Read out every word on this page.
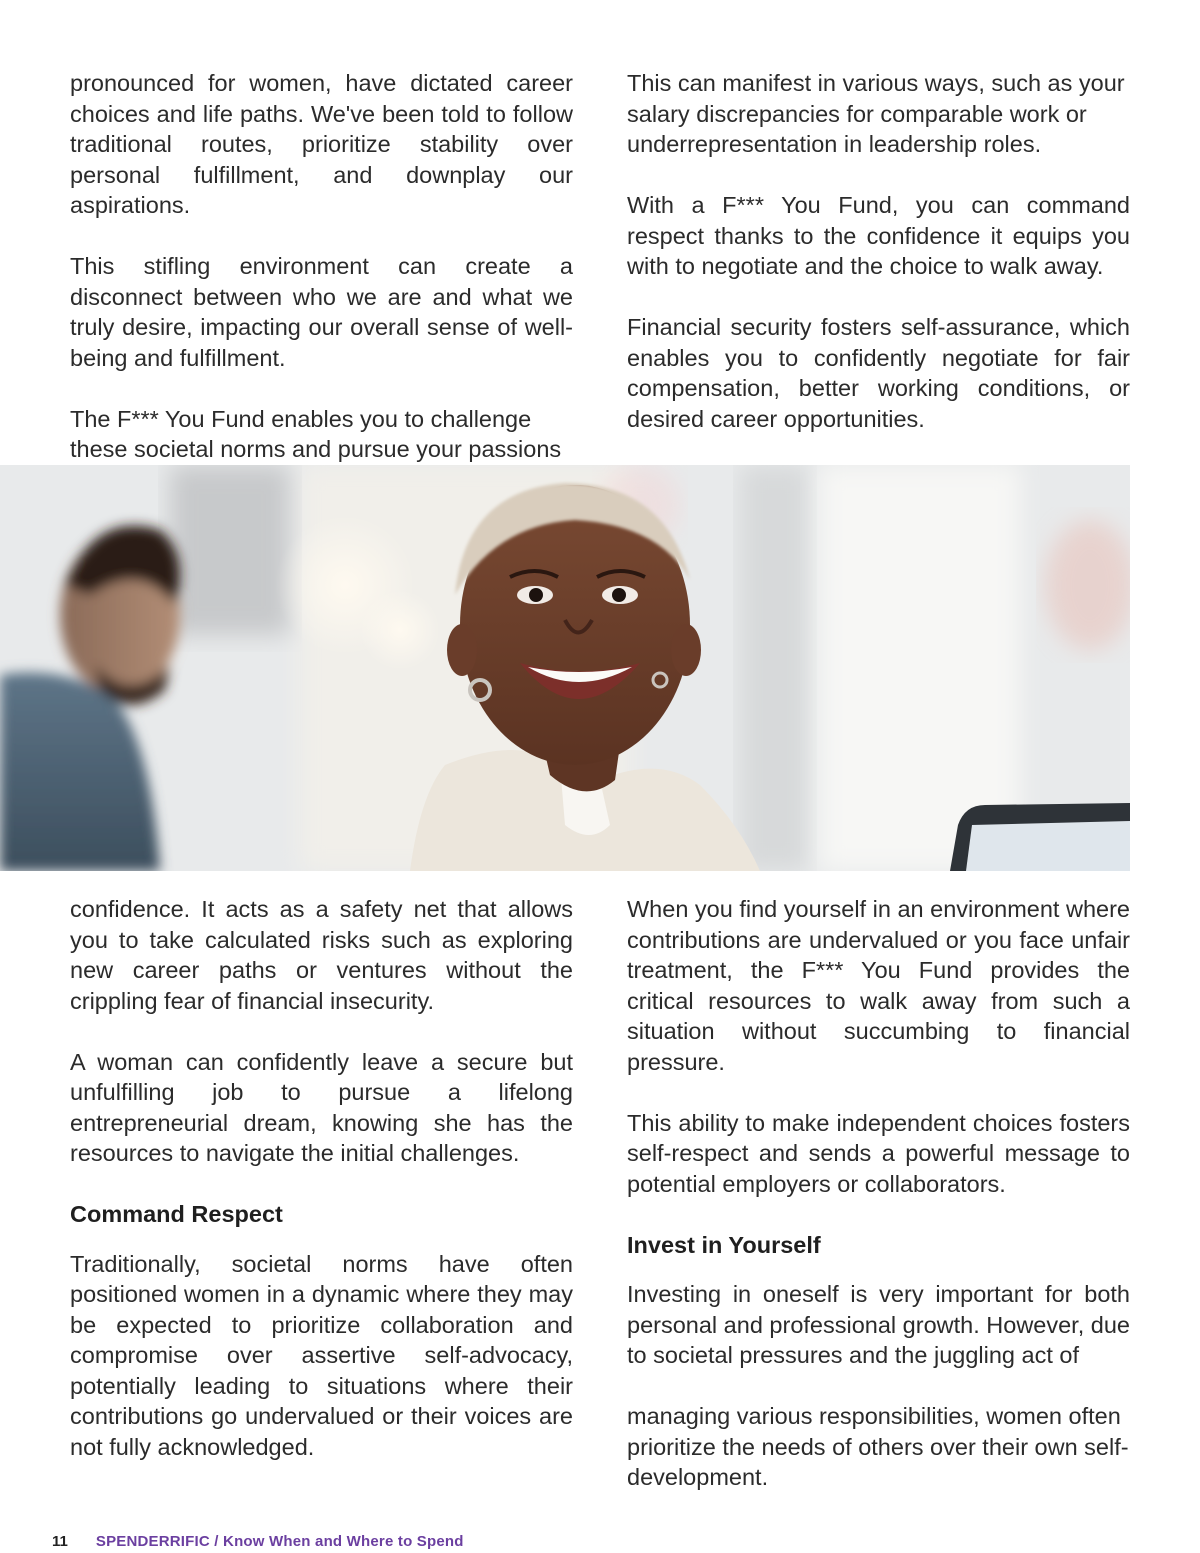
pronounced for women, have dictated career choices and life paths. We've been told to follow traditional routes, prioritize stability over personal fulfillment, and downplay our aspirations.

This stifling environment can create a disconnect between who we are and what we truly desire, impacting our overall sense of well-being and fulfillment.

The F*** You Fund enables you to challenge these societal norms and pursue your passions

This can manifest in various ways, such as your salary discrepancies for comparable work or underrepresentation in leadership roles.

With a F*** You Fund, you can command respect thanks to the confidence it equips you with to negotiate and the choice to walk away.

Financial security fosters self-assurance, which enables you to confidently negotiate for fair compensation, better working conditions, or desired career opportunities.

confidence. It acts as a safety net that allows you to take calculated risks such as exploring new career paths or ventures without the crippling fear of financial insecurity.

A woman can confidently leave a secure but unfulfilling job to pursue a lifelong entrepreneurial dream, knowing she has the resources to navigate the initial challenges.

Command Respect

Traditionally, societal norms have often positioned women in a dynamic where they may be expected to prioritize collaboration and compromise over assertive self-advocacy, potentially leading to situations where their contributions go undervalued or their voices are not fully acknowledged.

When you find yourself in an environment where contributions are undervalued or you face unfair treatment, the F*** You Fund provides the critical resources to walk away from such a situation without succumbing to financial pressure.

This ability to make independent choices fosters self-respect and sends a powerful message to potential employers or collaborators.

Invest in Yourself

Investing in oneself is very important for both personal and professional growth. However, due to societal pressures and the juggling act of

managing various responsibilities, women often prioritize the needs of others over their own self-development.

11 SPENDERRIFIC / Know When and Where to Spend
